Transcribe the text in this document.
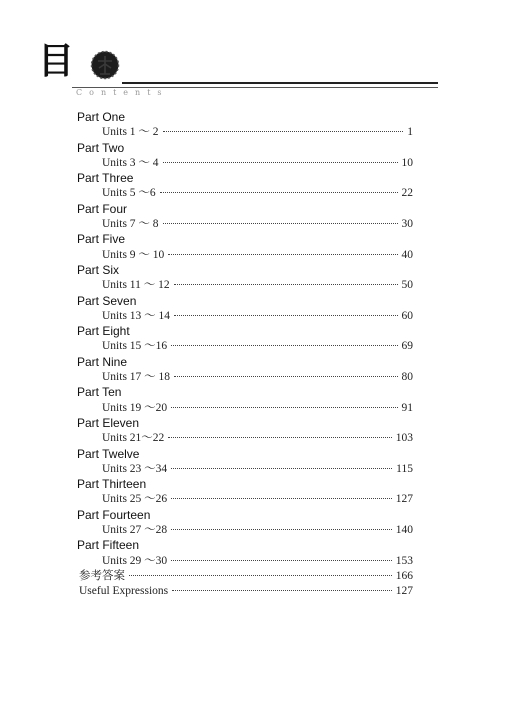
目
Contents
Part One
Units 1 ～ 2	1
Part Two
Units 3 ～ 4	10
Part Three
Units 5 ～6	22
Part Four
Units 7 ～ 8	30
Part Five
Units 9 ～ 10	40
Part Six
Units 11 ～ 12	50
Part Seven
Units 13 ～ 14	60
Part Eight
Units 15 ～16	69
Part Nine
Units 17 ～ 18	80
Part Ten
Units 19 ～20	91
Part Eleven
Units 21～22	103
Part Twelve
Units 23 ～34	115
Part Thirteen
Units 25 ～26	127
Part Fourteen
Units 27 ～28	140
Part Fifteen
Units 29 ～30	153
参考答案	166
Useful Expressions	127
